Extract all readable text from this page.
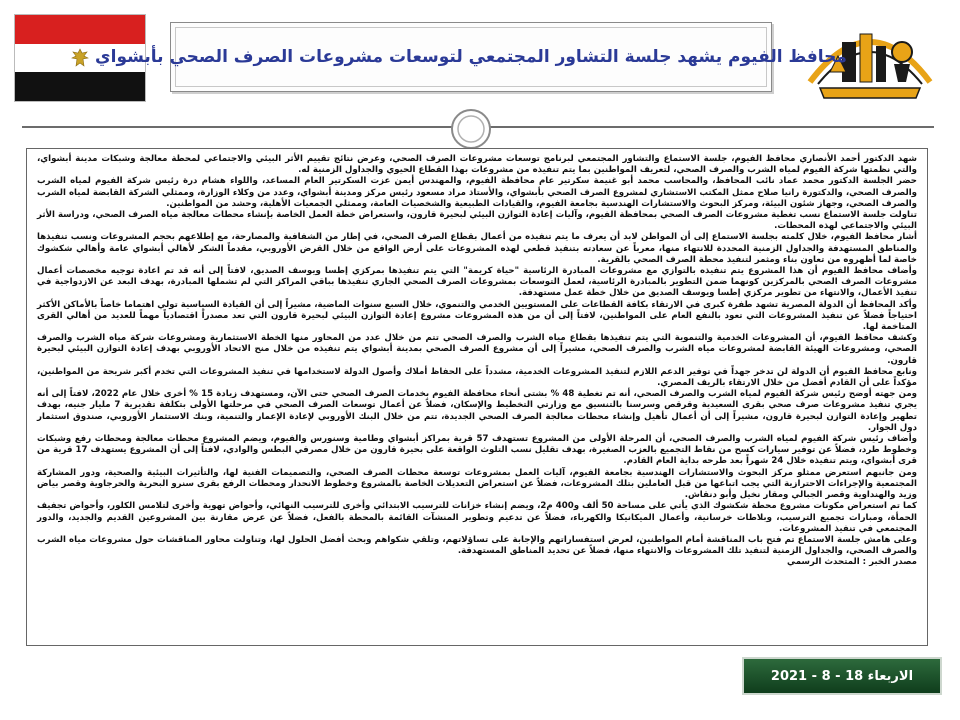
محافظ الفيوم يشهد جلسة التشاور المجتمعي لتوسعات مشروعات الصرف الصحي بأبشواي

شهد الدكتور أحمد الأنصاري محافظ الفيوم، جلسة الاستماع والتشاور المجتمعي لبرنامج توسعات مشروعات الصرف الصحي، وعرض نتائج تقييم الأثر البيئي والاجتماعي لمحطة معالجة وشبكات مدينة أبشواي، والتي نظمتها شركة الفيوم لمياه الشرب والصرف الصحي، لتعريف المواطنين بما يتم تنفيذه من مشروعات بهذا القطاع الحيوي والجداول الزمنية له.

حضر الجلسة الدكتور محمد عماد نائب المحافظ، والمحاسب محمد أبو غنيمة سكرتير عام محافظة الفيوم، والمهندس أيمن عزت السكرتير العام المساعد، واللواء هشام درة رئيس شركة الفيوم لمياه الشرب والصرف الصحي، والدكتورة رانيا صلاح ممثل المكتب الاستشاري لمشروع الصرف الصحي بأبشواي، والأستاذ مراد مسعود رئيس مركز ومدينة أبشواي، وعدد من وكلاء الوزارة، وممثلي الشركة القابضة لمياه الشرب والصرف الصحي، وجهاز شئون البيئة، ومركز البحوث والاستشارات الهندسية بجامعة الفيوم، والقيادات الطبيعية والشخصيات العامة، وممثلي الجمعيات الأهلية، وحشد من المواطنين.

تناولت جلسة الاستماع نسب تغطية مشروعات الصرف الصحي بمحافظة الفيوم، وآليات إعادة التوازن البيئي لبحيرة قارون، واستعراض خطة العمل الخاصة بإنشاء محطات معالجة مياه الصرف الصحي، ودراسة الأثر البيئي والاجتماعي لهذه المحطات.

أشار محافظ الفيوم، خلال كلمته بجلسة الاستماع إلى أن المواطن لابد أن يعرف ما يتم تنفيذه من أعمال بقطاع الصرف الصحي، في إطار من الشفافية والمصارحة، مع إطلاعهم بحجم المشروعات ونسب تنفيذها والمناطق المستهدفة والجداول الزمنية المحددة للانتهاء منها، معرباً عن سعادته بتنفيذ قطعي لهذه المشروعات على أرض الواقع من خلال القرض الأوروبي، مقدماً الشكر لأهالي أبشواي عامة وأهالي شكشوك خاصة لما أظهروه من تعاون بناء ومثمر لتنفيذ محطة الصرف الصحي بالقرية.

وأضاف محافظ الفيوم أن هذا المشروع يتم تنفيذه بالتوازي مع مشروعات المبادرة الرئاسية "حياة كريمة" التي يتم تنفيذها بمركزي إطسا ويوسف الصديق، لافتاً إلى أنه قد تم اعادة توجيه مخصصات أعمال مشروعات الصرف الصحي بالمركزين كونهما ضمن التطوير بالمبادرة الرئاسية، لعمل التوسعات بمشروعات الصرف الصحي الجاري تنفيذها بباقي المراكز التي لم تشملها المبادرة، بهدف البعد عن الازدواجية في تنفيذ الأعمال، والانتهاء من تطوير مركزي إطسا ويوسف الصديق من خلال خطة عمل مستهدفة.

وأكد المحافظ أن الدولة المصرية تشهد طفرة كبرى في الارتقاء بكافة القطاعات على المستويين الخدمي والتنموي، خلال السبع سنوات الماضية، مشيراً إلى أن القيادة السياسية تولي اهتماما خاصاً بالأماكن الأكثر احتياجاً فضلاً عن تنفيذ المشروعات التي تعود بالنفع العام على المواطنين، لافتاً إلى أن من هذه المشروعات مشروع إعادة التوازن البيئي لبحيرة قارون التي تعد مصدراً اقتصادياً مهماً للعديد من أهالي القرى المتاخمة لها.

وكشف محافظ الفيوم، أن المشروعات الخدمية والتنموية التي يتم تنفيذها بقطاع مياه الشرب والصرف الصحي تتم من خلال عدد من المحاور منها الخطة الاستثمارية ومشروعات شركة مياه الشرب والصرف الصحي، ومشروعات الهيئة القابضة لمشروعات مياه الشرب والصرف الصحي، مشيراً إلى أن مشروع الصرف الصحي بمدينة أبشواي يتم تنفيذه من خلال منح الاتحاد الأوروبي بهدف إعادة التوازن البيئي لبحيرة قارون.

ونابع محافظ الفيوم أن الدولة لن تدخر جهداً في توفير الدعم اللازم لتنفيذ المشروعات الخدمية، مشدداً على الحفاظ أملاك وأصول الدولة لاستخدامها في تنفيذ المشروعات التي تخدم أكبر شريحة من المواطنين، مؤكداً على أن القادم أفضل من خلال الارتقاء بالريف المصري.

ومن جهته أوضح رئيس شركة الفيوم لمياه الشرب والصرف الصحي، أنه تم تغطية 48 % بشتى أنحاء محافظة الفيوم بخدمات الصرف الصحي حتى الآن، ومستهدف زيادة 15 % أخرى خلال عام 2022، لافتاً إلى أنه يجري تنفيذ مشروعات صرف صحي بقرى السعيدية وقرقص وسرسنا بالتنسيق مع وزارتي التخطيط والإسكان، فضلاً عن أعمال توسعات الصرف الصحي في مرحلتها الأولى بتكلفة تقديرية 7 مليار جنيه، بهدف تطهير وإعادة التوازن لبحيرة قارون، مشيراً إلى أن أعمال تأهيل وإنشاء محطات معالجة الصرف الصحي الجديدة، تتم من خلال البنك الأوروبي لإعادة الإعمار والتنمية، وبنك الاستثمار الأوروبي، صندوق استثمار دول الجوار.

وأضاف رئيس شركة الفيوم لمياه الشرب والصرف الصحي، أن المرحلة الأولى من المشروع تستهدف 57 قرية بمراكز أبشواي وطامية وسنورس والفيوم، ويضم المشروع محطات معالجة ومحطات رفع وشبكات وخطوط طرد، فضلاً عن توفير سيارات كسح من نقاط التجميع بالعزب الصغيرة، بهدف تقليل نسب التلوث الواقعة على بحيرة قارون من خلال مصرفي البطس والوادي، لافتاً إلى أن المشروع يستهدف 17 قرية من قرى أبشواي، ويتم تنفيذه خلال 24 شهراً بعد طرحه بداية العام القادم.

ومن جانبهم استعرض ممثلو مركز البحوث والاستشارات الهندسية بجامعة الفيوم، آليات العمل بمشروعات توسعة محطات الصرف الصحي، والتصميمات الفنية لها، والتأثيرات البيئية والصحية، ودور المشاركة المجتمعية والإجراءات الاحترازية التي يجب اتباعها من قبل العاملين بتلك المشروعات، فضلاً عن استعراض التعديلات الخاصة بالمشروع وخطوط الانحدار ومحطات الرفع بقرى سنرو البحرية والحرجاوية وقصر بياض وزيد والهنداوية وقصر الجبالي ومقار نخيل وأبو دنقاش.

كما تم استعراض مكونات مشروع محطة شكشوك الذي يأتي على مساحة 50 ألف و400 م2، ويضم إنشاء خزانات للترسيب الابتدائي وأخرى للترسيب النهائي، وأحواض تهوية وأخرى لتلامس الكلور، وأحواض تجفيف الحمأة، ومبارات تجميع الترسيب، وبلاطات خرسانية، وأعمال الميكانيكا والكهرباء، فضلاً عن تدعيم وتطوير المنشآت القائمة بالمحطة بالفعل، فضلاً عن عرض مقارنة بين المشروعين القديم والجديد، والدور المجتمعي في تنفيذ المشروعات.

وعلى هامش جلسة الاستماع تم فتح باب المناقشة أمام المواطنين، لعرض استفساراتهم والإجابة على تساؤلاتهم، وتلقي شكواهم وبحث أفضل الحلول لها، وتناولت محاور المناقشات حول مشروعات مياه الشرب والصرف الصحي، والجداول الزمنية لتنفيذ تلك المشروعات والانتهاء منها، فضلاً عن تحديد المناطق المستهدفة.

مصدر الخبر : المتحدث الرسمي

الاربعاء 18 - 8 - 2021
